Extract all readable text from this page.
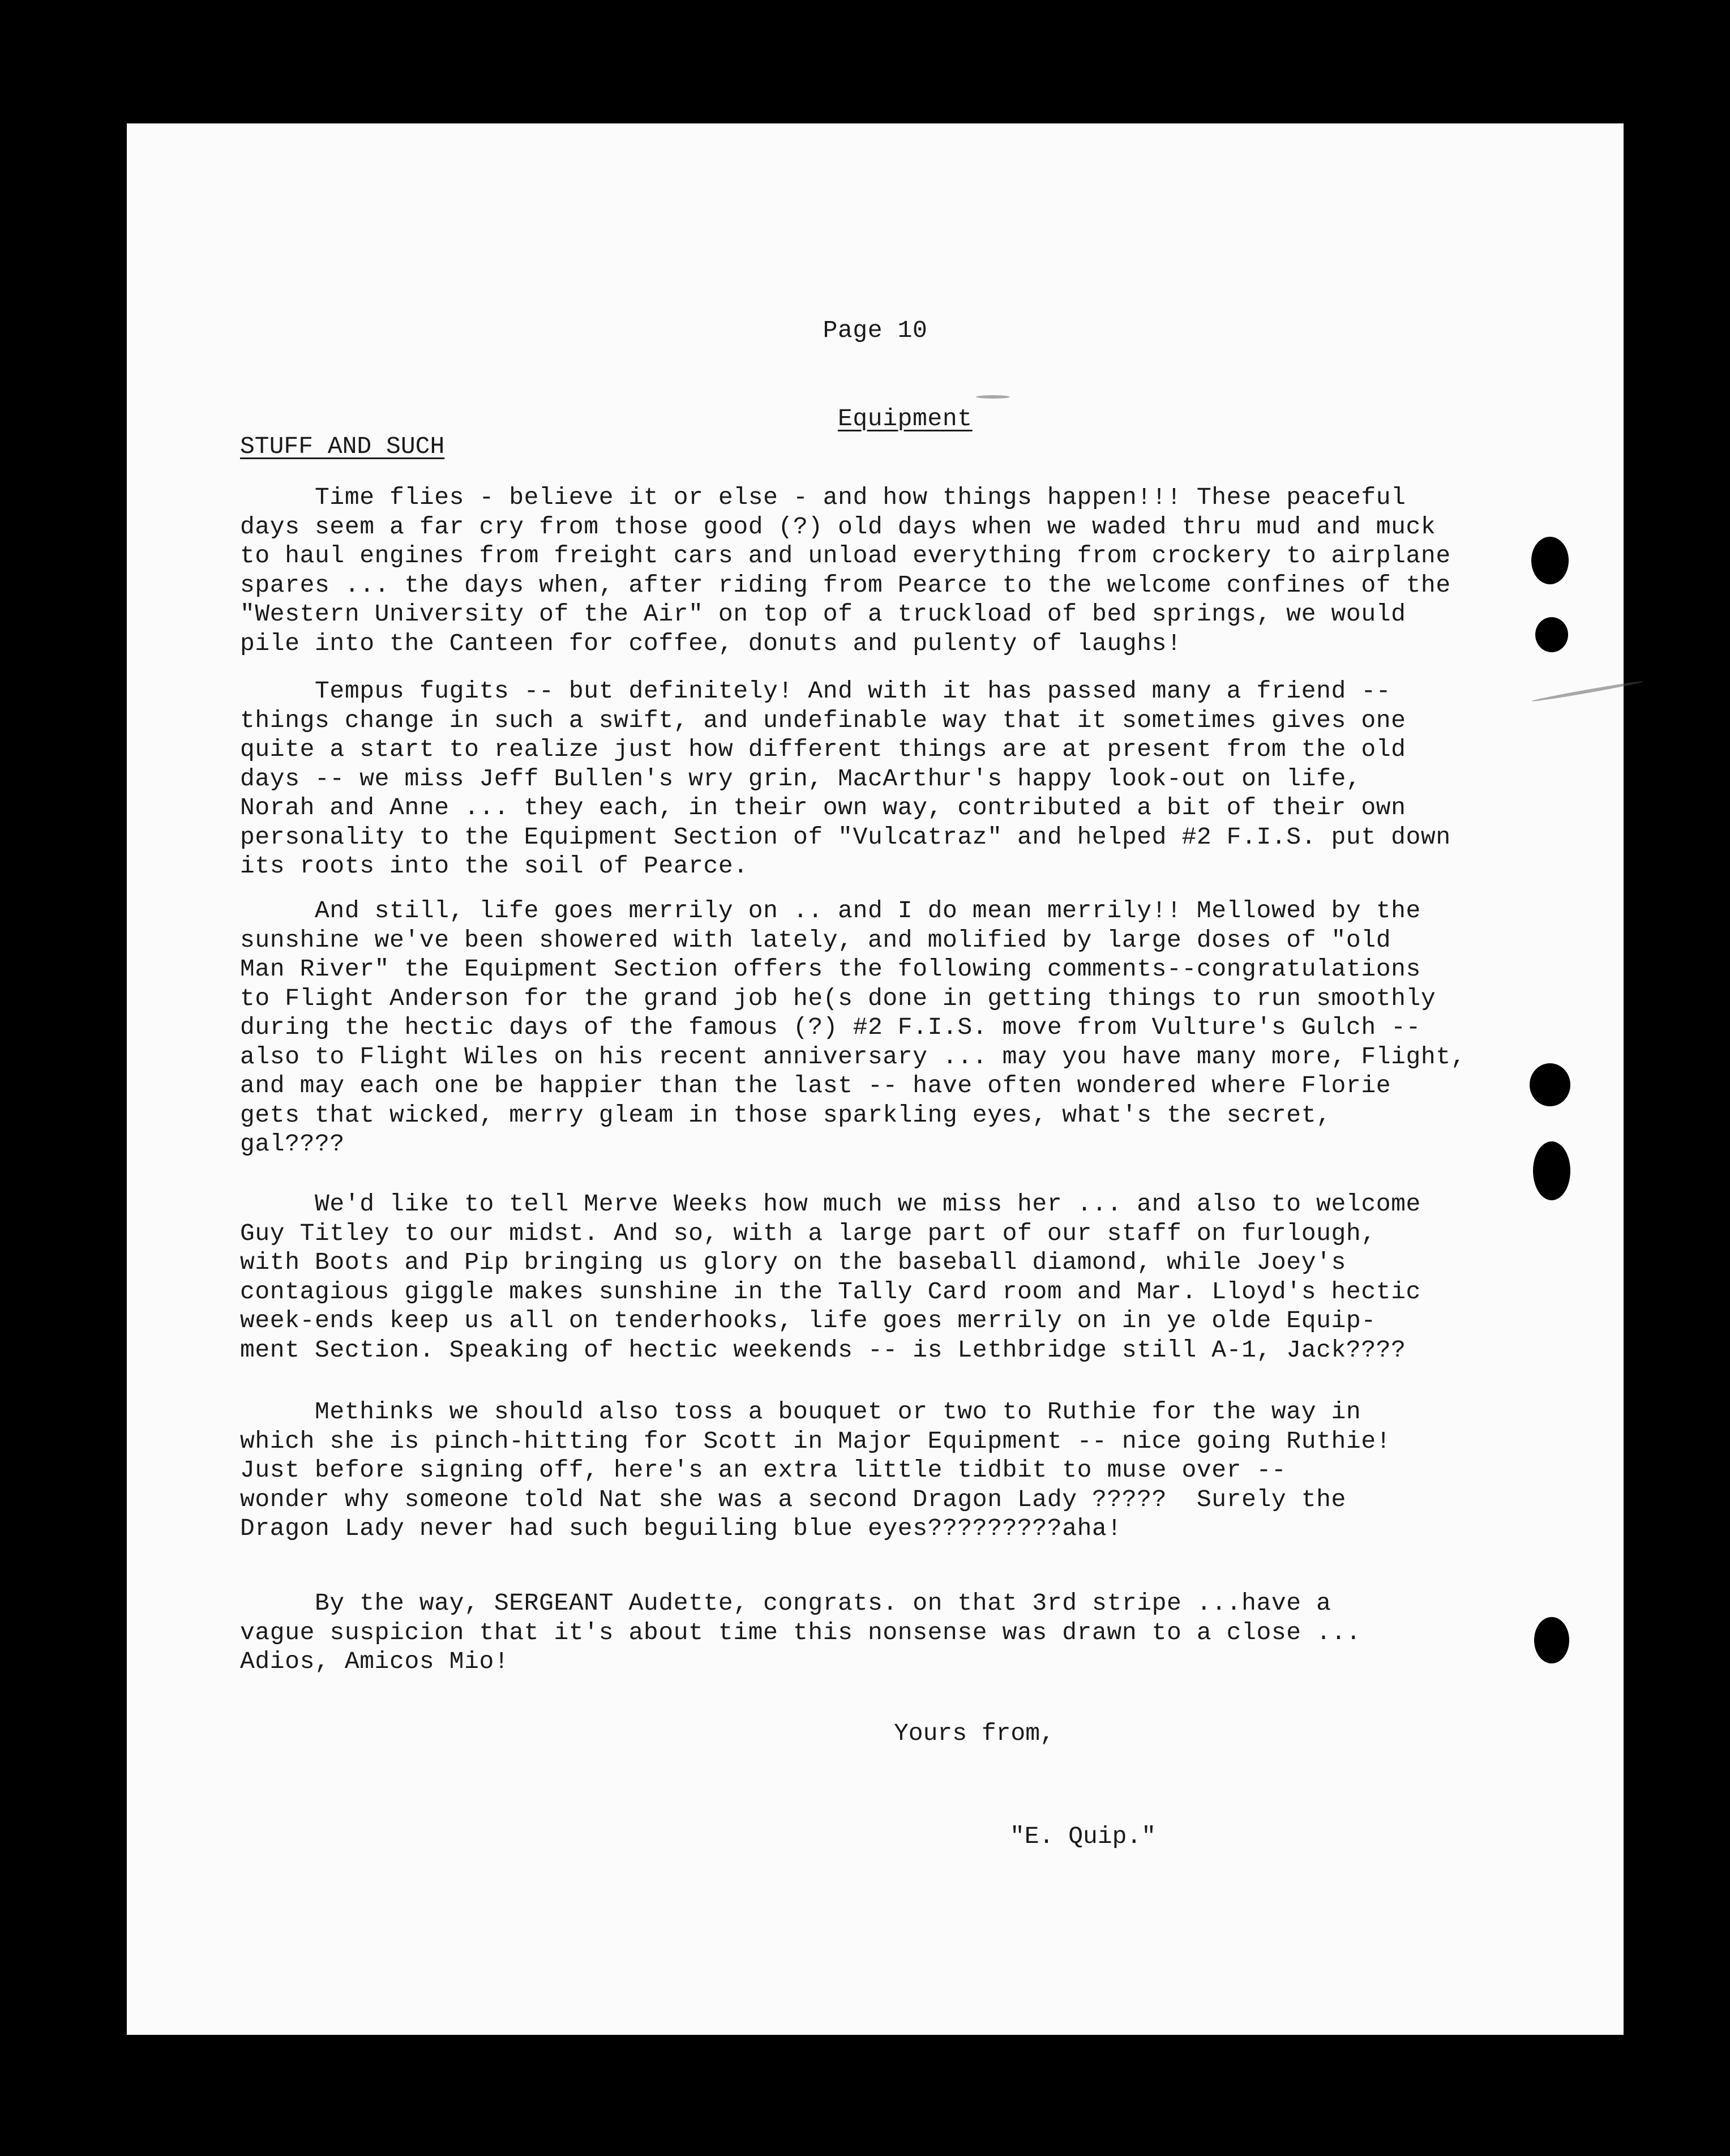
Page 10

Equipment

STUFF AND SUCH
Time flies - believe it or else - and how things happen!!! These peaceful
days seem a far cry from those good (?) old days when we waded thru mud and muck
to haul engines from freight cars and unload everything from crockery to airplane
spares ... the days when, after riding from Pearce to the welcome confines of the
"Western University of the Air" on top of a truckload of bed springs, we would
pile into the Canteen for coffee, donuts and pulenty of laughs!
Tempus fugits -- but definitely! And with it has passed many a friend --
things change in such a swift, and undefinable way that it sometimes gives one
quite a start to realize just how different things are at present from the old
days -- we miss Jeff Bullen's wry grin, MacArthur's happy look-out on life,
Norah and Anne ... they each, in their own way, contributed a bit of their own
personality to the Equipment Section of "Vulcatraz" and helped #2 F.I.S. put down
its roots into the soil of Pearce.
And still, life goes merrily on .. and I do mean merrily!! Mellowed by the
sunshine we've been showered with lately, and molified by large doses of "old
Man River" the Equipment Section offers the following comments--congratulations
to Flight Anderson for the grand job he(s done in getting things to run smoothly
during the hectic days of the famous (?) #2 F.I.S. move from Vulture's Gulch --
also to Flight Wiles on his recent anniversary ... may you have many more, Flight,
and may each one be happier than the last -- have often wondered where Florie
gets that wicked, merry gleam in those sparkling eyes, what's the secret,
gal????
We'd like to tell Merve Weeks how much we miss her ... and also to welcome
Guy Titley to our midst. And so, with a large part of our staff on furlough,
with Boots and Pip bringing us glory on the baseball diamond, while Joey's
contagious giggle makes sunshine in the Tally Card room and Mar. Lloyd's hectic
week-ends keep us all on tenderhooks, life goes merrily on in ye olde Equip-
ment Section. Speaking of hectic weekends -- is Lethbridge still A-1, Jack????
Methinks we should also toss a bouquet or two to Ruthie for the way in
which she is pinch-hitting for Scott in Major Equipment -- nice going Ruthie!
Just before signing off, here's an extra little tidbit to muse over --
wonder why someone told Nat she was a second Dragon Lady ?????  Surely the
Dragon Lady never had such beguiling blue eyes?????????aha!
By the way, SERGEANT Audette, congrats. on that 3rd stripe ...have a
vague suspicion that it's about time this nonsense was drawn to a close ...
Adios, Amicos Mio!
Yours from,
"E. Quip."
